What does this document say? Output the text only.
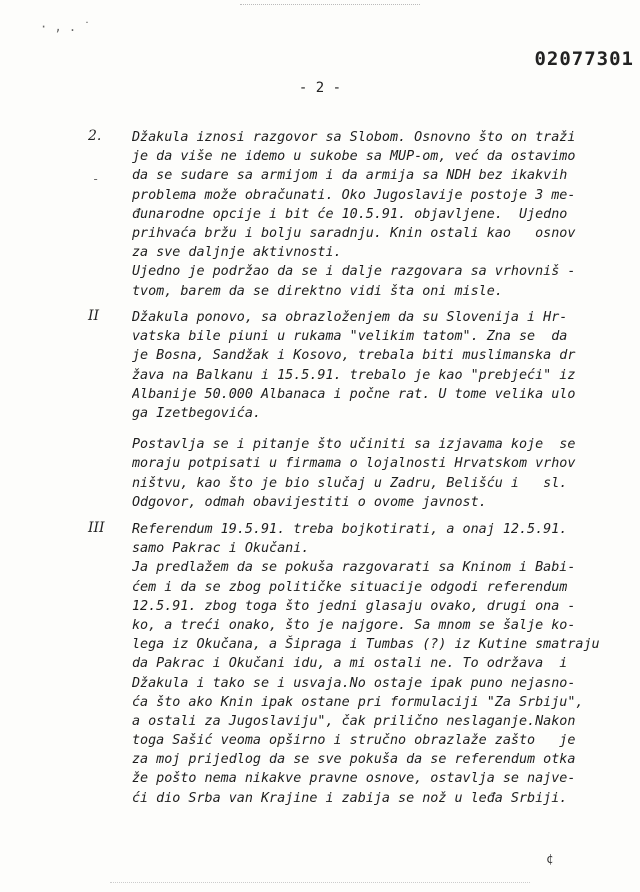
· , . ˙
02077301
- 2 -
-
2. Džakula iznosi razgovor sa Slobom. Osnovno što on traži
je da više ne idemo u sukobe sa MUP-om, već da ostavimo
da se sudare sa armijom i da armija sa NDH bez ikakvih
problema može obračunati. Oko Jugoslavije postoje 3 me-
đunarodne opcije i bit će 10.5.91. objavljene.  Ujedno
prihvaća bržu i bolju saradnju. Knin ostali kao   osnov
za sve daljnje aktivnosti.
Ujedno je podržao da se i dalje razgovara sa vrhovniš -
tvom, barem da se direktno vidi šta oni misle.
II Džakula ponovo, sa obrazloženjem da su Slovenija i Hr-
vatska bile piuni u rukama "velikim tatom". Zna se  da
je Bosna, Sandžak i Kosovo, trebala biti muslimanska dr
žava na Balkanu i 15.5.91. trebalo je kao "prebjeći" iz
Albanije 50.000 Albanaca i počne rat. U tome velika ulo
ga Izetbegovića.
Postavlja se i pitanje što učiniti sa izjavama koje  se
moraju potpisati u firmama o lojalnosti Hrvatskom vrhov
ništvu, kao što je bio slučaj u Zadru, Belišću i   sl.
Odgovor, odmah obavijestiti o ovome javnost.
III Referendum 19.5.91. treba bojkotirati, a onaj 12.5.91.
samo Pakrac i Okučani.
Ja predlažem da se pokuša razgovarati sa Kninom i Babi-
ćem i da se zbog političke situacije odgodi referendum
12.5.91. zbog toga što jedni glasaju ovako, drugi ona -
ko, a treći onako, što je najgore. Sa mnom se šalje ko-
lega iz Okučana, a Šipraga i Tumbas (?) iz Kutine smatraju
da Pakrac i Okučani idu, a mi ostali ne. To održava  i
Džakula i tako se i usvaja.No ostaje ipak puno nejasno-
ća što ako Knin ipak ostane pri formulaciji "Za Srbiju",
a ostali za Jugoslaviju", čak prilično neslaganje.Nakon
toga Sašić veoma opširno i stručno obrazlaže zašto   je
za moj prijedlog da se sve pokuša da se referendum otka
že pošto nema nikakve pravne osnove, ostavlja se najve-
ći dio Srba van Krajine i zabija se nož u leđa Srbiji.
¢
